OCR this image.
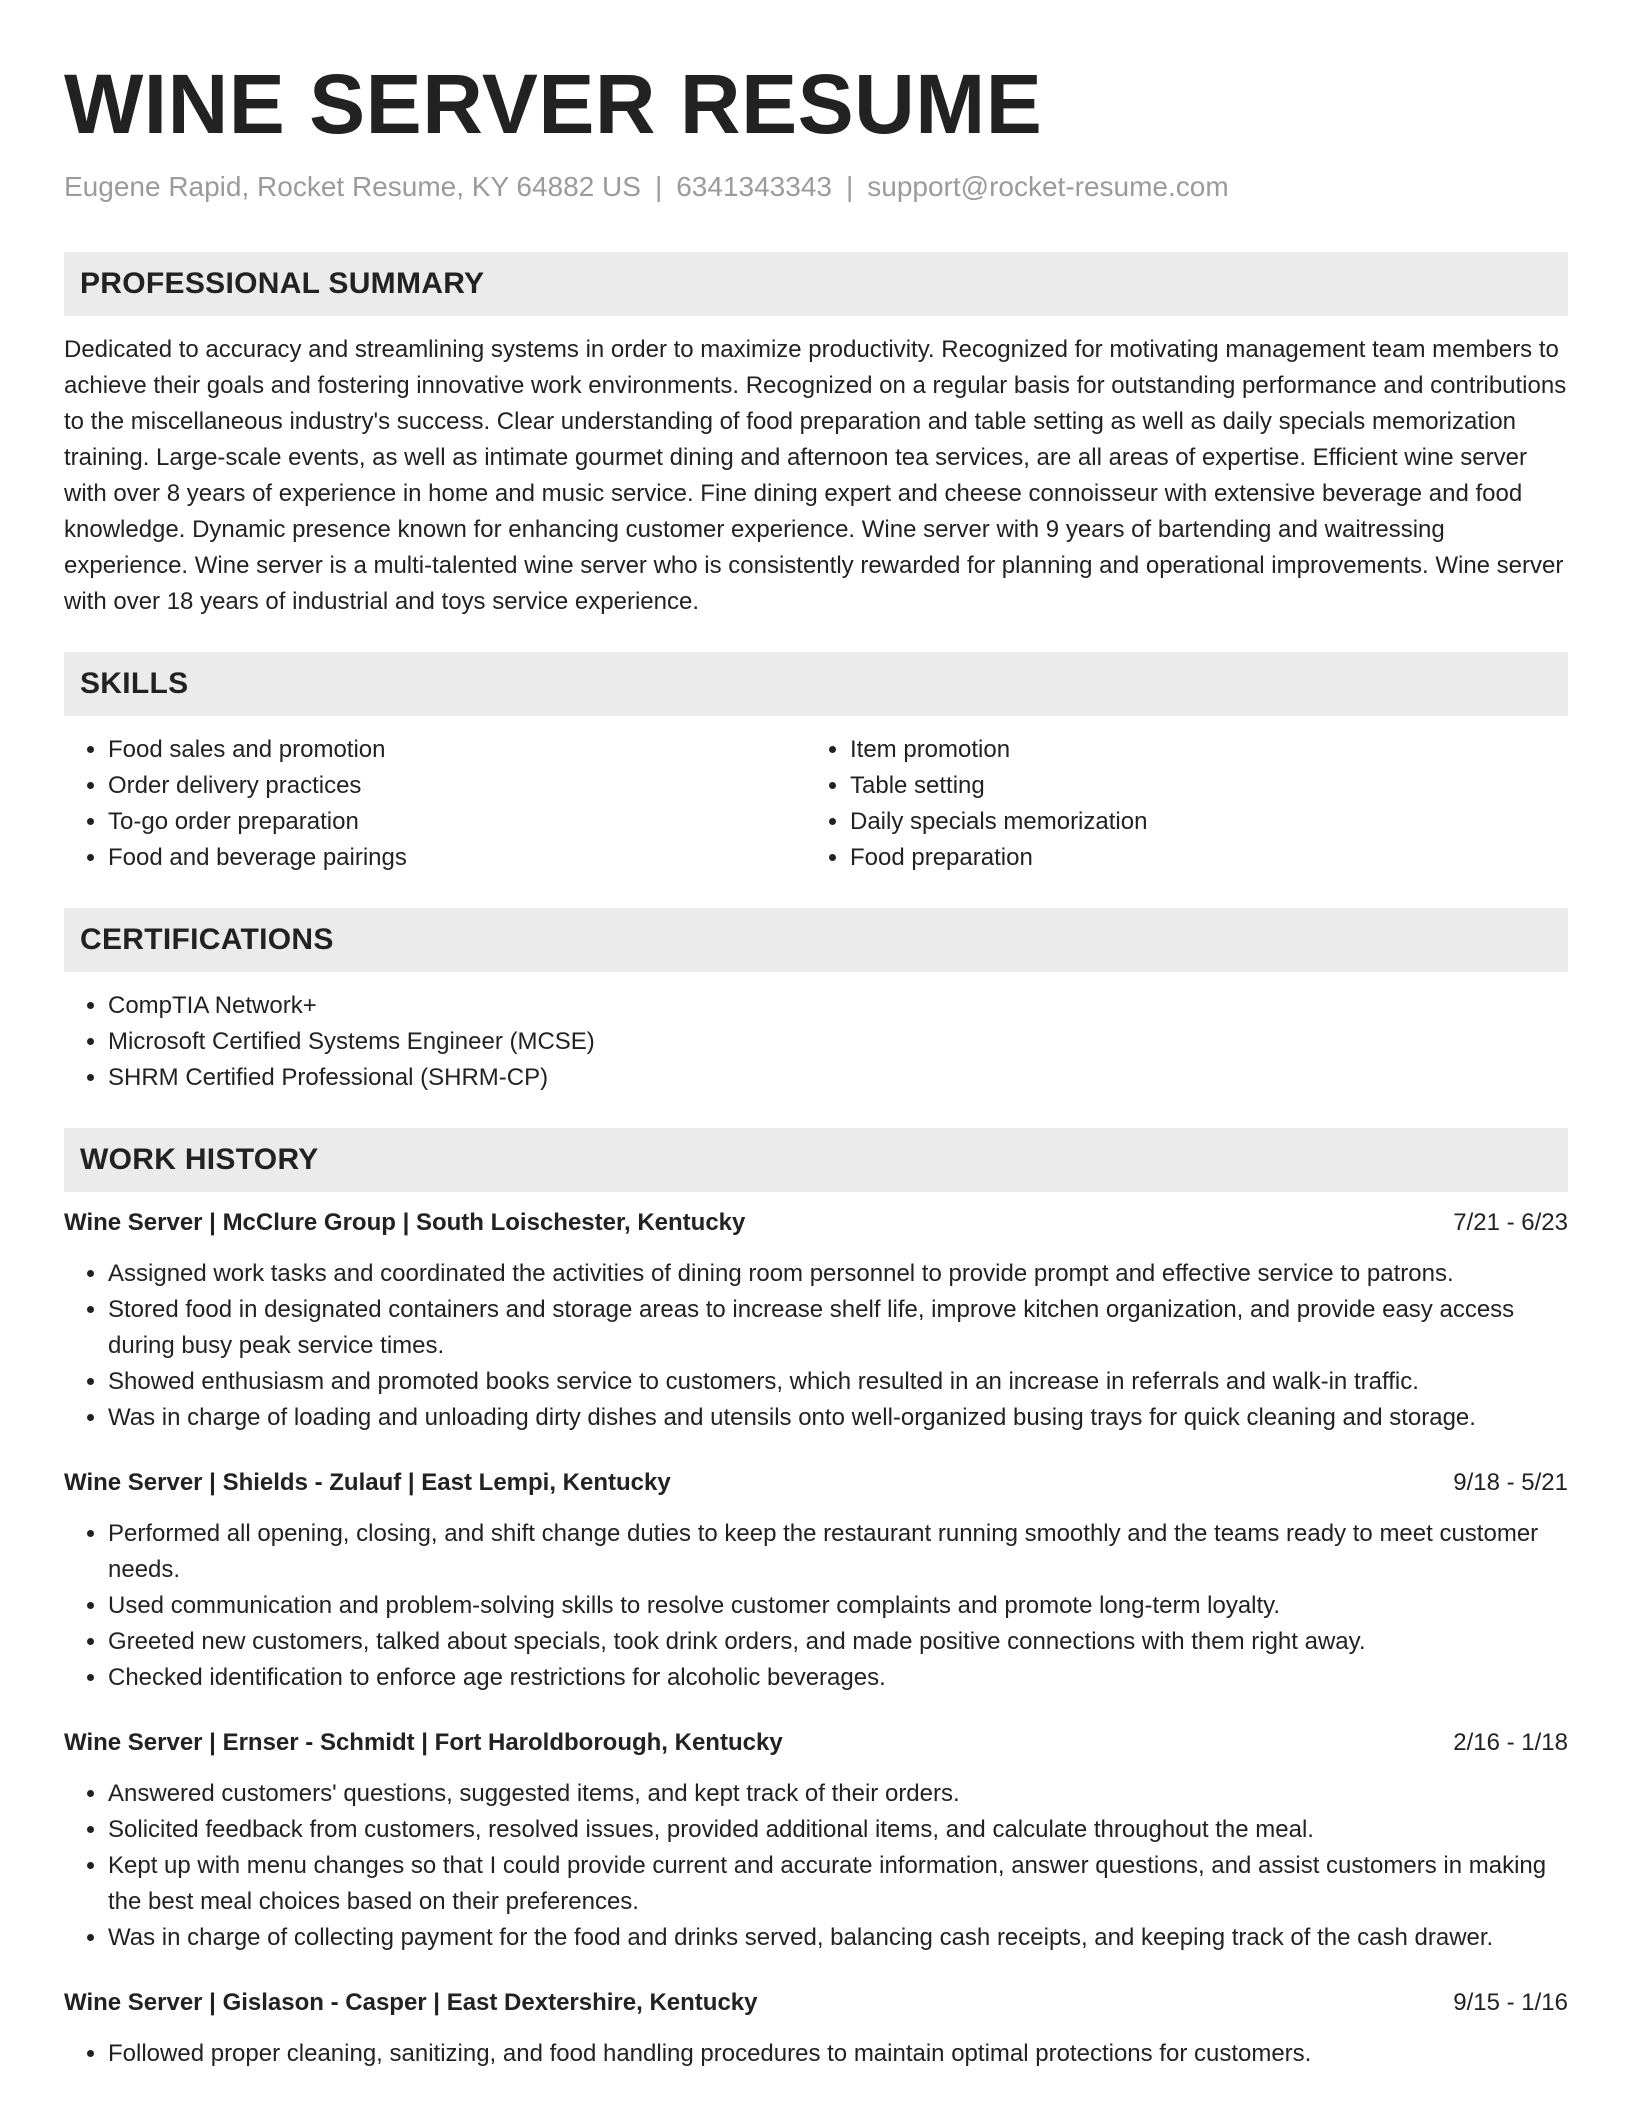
WINE SERVER RESUME
Eugene Rapid, Rocket Resume, KY 64882 US | 6341343343 | support@rocket-resume.com
PROFESSIONAL SUMMARY

Dedicated to accuracy and streamlining systems in order to maximize productivity. Recognized for motivating management team members to achieve their goals and fostering innovative work environments. Recognized on a regular basis for outstanding performance and contributions to the miscellaneous industry's success. Clear understanding of food preparation and table setting as well as daily specials memorization training. Large-scale events, as well as intimate gourmet dining and afternoon tea services, are all areas of expertise. Efficient wine server with over 8 years of experience in home and music service. Fine dining expert and cheese connoisseur with extensive beverage and food knowledge. Dynamic presence known for enhancing customer experience. Wine server with 9 years of bartending and waitressing experience. Wine server is a multi-talented wine server who is consistently rewarded for planning and operational improvements. Wine server with over 18 years of industrial and toys service experience.

SKILLS
• Food sales and promotion
• Order delivery practices
• To-go order preparation
• Food and beverage pairings
• Item promotion
• Table setting
• Daily specials memorization
• Food preparation
CERTIFICATIONS
• CompTIA Network+
• Microsoft Certified Systems Engineer (MCSE)
• SHRM Certified Professional (SHRM-CP)
WORK HISTORY
Wine Server | McClure Group | South Loischester, Kentucky	7/21 - 6/23
• Assigned work tasks and coordinated the activities of dining room personnel to provide prompt and effective service to patrons.
• Stored food in designated containers and storage areas to increase shelf life, improve kitchen organization, and provide easy access during busy peak service times.
• Showed enthusiasm and promoted books service to customers, which resulted in an increase in referrals and walk-in traffic.
• Was in charge of loading and unloading dirty dishes and utensils onto well-organized busing trays for quick cleaning and storage.
Wine Server | Shields - Zulauf | East Lempi, Kentucky	9/18 - 5/21
• Performed all opening, closing, and shift change duties to keep the restaurant running smoothly and the teams ready to meet customer needs.
• Used communication and problem-solving skills to resolve customer complaints and promote long-term loyalty.
• Greeted new customers, talked about specials, took drink orders, and made positive connections with them right away.
• Checked identification to enforce age restrictions for alcoholic beverages.
Wine Server | Ernser - Schmidt | Fort Haroldborough, Kentucky	2/16 - 1/18
• Answered customers' questions, suggested items, and kept track of their orders.
• Solicited feedback from customers, resolved issues, provided additional items, and calculate throughout the meal.
• Kept up with menu changes so that I could provide current and accurate information, answer questions, and assist customers in making the best meal choices based on their preferences.
• Was in charge of collecting payment for the food and drinks served, balancing cash receipts, and keeping track of the cash drawer.
Wine Server | Gislason - Casper | East Dextershire, Kentucky	9/15 - 1/16
• Followed proper cleaning, sanitizing, and food handling procedures to maintain optimal protections for customers.
